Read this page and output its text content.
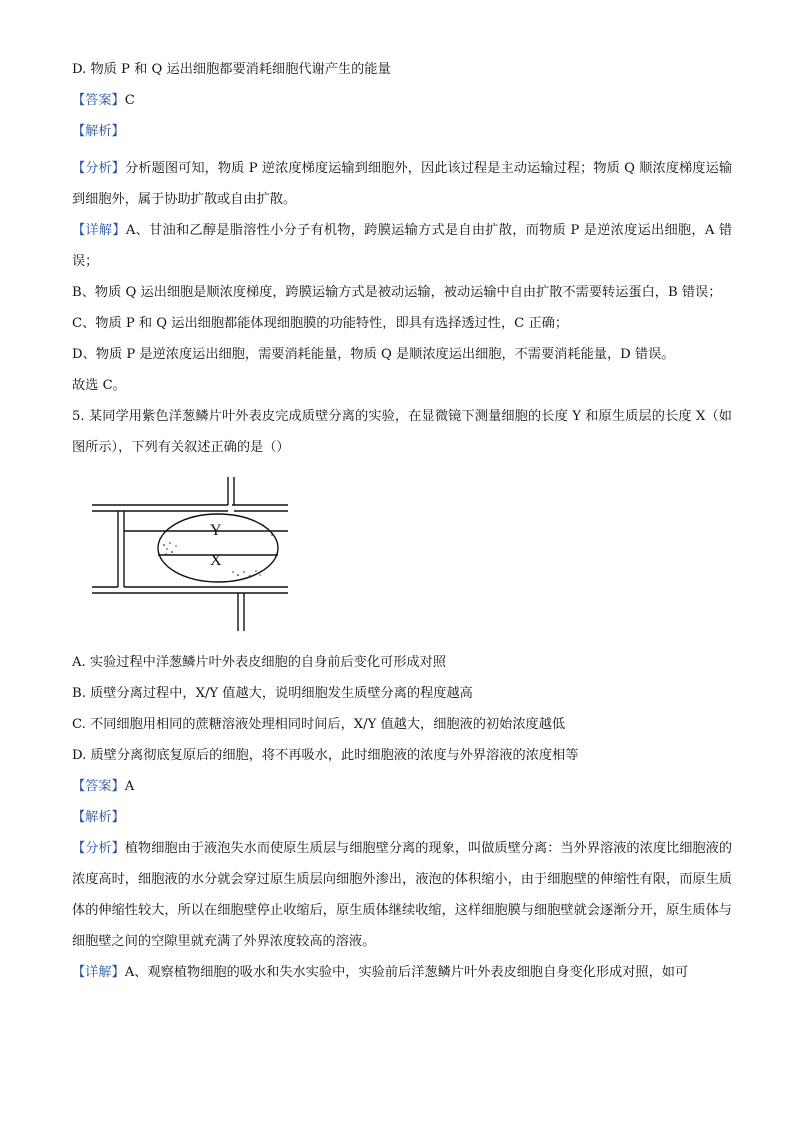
D. 物质 P 和 Q 运出细胞都要消耗细胞代谢产生的能量

【答案】C

【解析】

【分析】分析题图可知，物质 P 逆浓度梯度运输到细胞外，因此该过程是主动运输过程；物质 Q 顺浓度梯度运输到细胞外，属于协助扩散或自由扩散。

【详解】A、甘油和乙醇是脂溶性小分子有机物，跨膜运输方式是自由扩散，而物质 P 是逆浓度运出细胞，A 错误；

B、物质 Q 运出细胞是顺浓度梯度，跨膜运输方式是被动运输，被动运输中自由扩散不需要转运蛋白，B 错误；

C、物质 P 和 Q 运出细胞都能体现细胞膜的功能特性，即具有选择透过性，C 正确；

D、物质 P 是逆浓度运出细胞，需要消耗能量，物质 Q 是顺浓度运出细胞，不需要消耗能量，D 错误。

故选 C。

5. 某同学用紫色洋葱鳞片叶外表皮完成质壁分离的实验，在显微镜下测量细胞的长度 Y 和原生质层的长度 X（如图所示），下列有关叙述正确的是（）

Y
X

A. 实验过程中洋葱鳞片叶外表皮细胞的自身前后变化可形成对照

B. 质壁分离过程中，X/Y 值越大，说明细胞发生质壁分离的程度越高

C. 不同细胞用相同的蔗糖溶液处理相同时间后，X/Y 值越大，细胞液的初始浓度越低

D. 质壁分离彻底复原后的细胞，将不再吸水，此时细胞液的浓度与外界溶液的浓度相等

【答案】A

【解析】

【分析】植物细胞由于液泡失水而使原生质层与细胞壁分离的现象，叫做质壁分离：当外界溶液的浓度比细胞液的浓度高时，细胞液的水分就会穿过原生质层向细胞外渗出，液泡的体积缩小，由于细胞壁的伸缩性有限，而原生质体的伸缩性较大，所以在细胞壁停止收缩后，原生质体继续收缩，这样细胞膜与细胞壁就会逐渐分开，原生质体与细胞壁之间的空隙里就充满了外界浓度较高的溶液。

【详解】A、观察植物细胞的吸水和失水实验中，实验前后洋葱鳞片叶外表皮细胞自身变化形成对照，如可
